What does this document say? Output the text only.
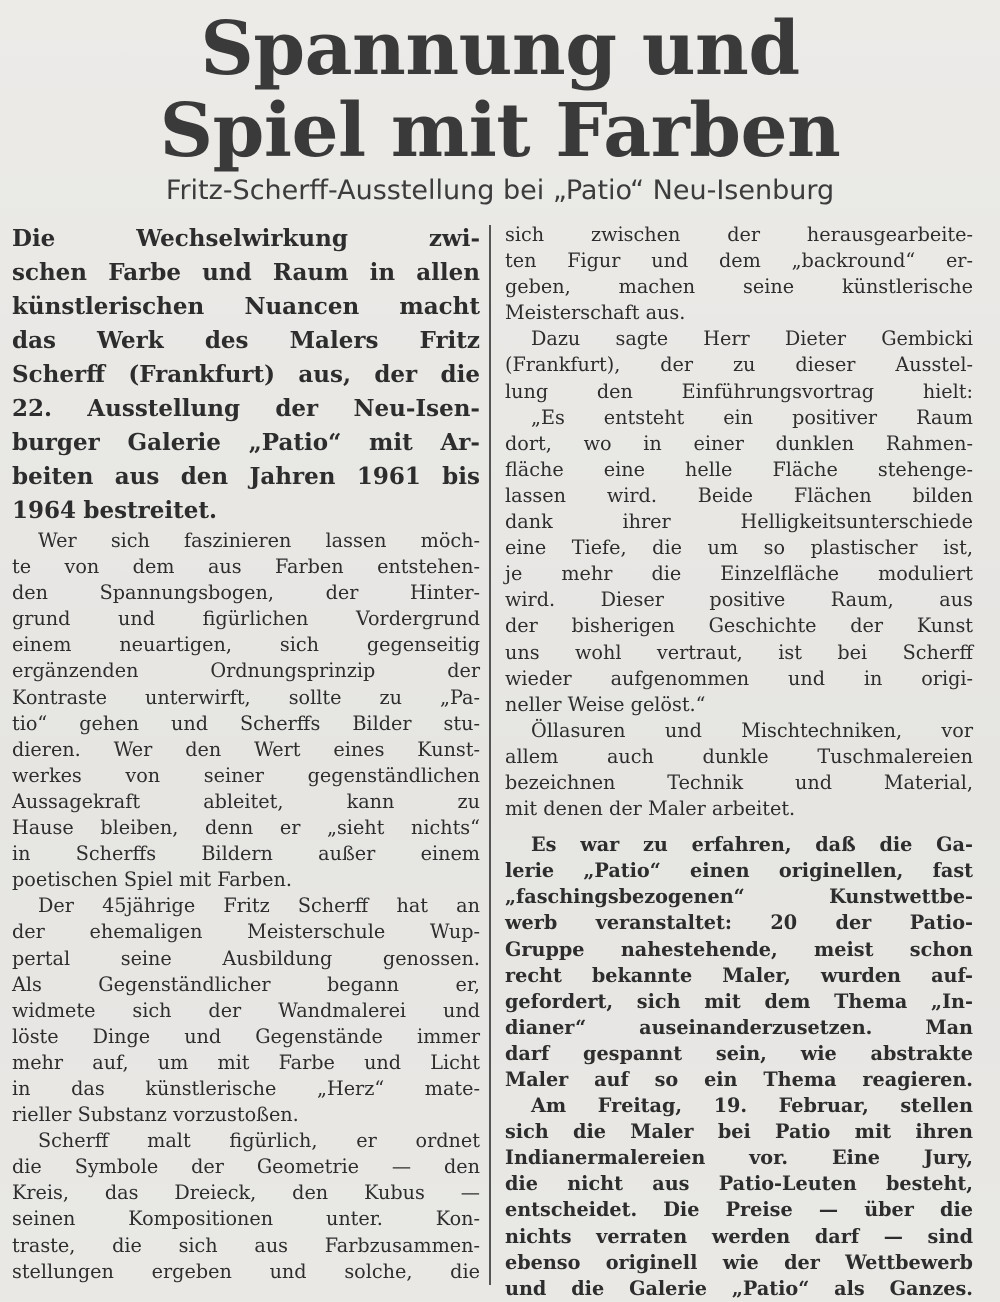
Spannung und
Spiel mit Farben
Fritz-Scherff-Ausstellung bei „Patio“ Neu-Isenburg
Die	Wechselwirkung	zwi-
schen Farbe und Raum in allen
künstlerischen Nuancen macht
das Werk des Malers Fritz
Scherff (Frankfurt) aus, der die
22. Ausstellung der Neu-Isen-
burger Galerie „Patio“ mit Ar-
beiten aus den Jahren 1961 bis
1964 bestreitet.
Wer sich faszinieren lassen möch-
te von dem aus Farben entstehen-
den	Spannungsbogen,	der	Hinter-
grund und figürlichen Vordergrund
einem neuartigen, sich gegenseitig
ergänzenden	Ordnungsprinzip	der
Kontraste unterwirft, sollte zu „Pa-
tio“ gehen und Scherffs Bilder stu-
dieren. Wer den Wert eines Kunst-
werkes von seiner gegenständlichen
Aussagekraft	ableitet,	kann	zu
Hause bleiben, denn er „sieht nichts“
in Scherffs Bildern außer einem
poetischen Spiel mit Farben.
Der 45jährige Fritz Scherff hat an
der ehemaligen Meisterschule Wup-
pertal	seine	Ausbildung	genossen.
Als	Gegenständlicher	begann	er,
widmete sich der Wandmalerei und
löste Dinge und Gegenstände immer
mehr auf, um mit Farbe und Licht
in das künstlerische „Herz“ mate-
rieller Substanz vorzustoßen.
Scherff malt figürlich, er ordnet
die Symbole der Geometrie — den
Kreis, das Dreieck, den Kubus —
seinen	Kompositionen	unter.	Kon-
traste, die sich aus Farbzusammen-
stellungen ergeben und solche, die
sich zwischen der herausgearbeite-
ten Figur und dem „backround“ er-
geben, machen seine künstlerische
Meisterschaft aus.
Dazu sagte Herr Dieter Gembicki
(Frankfurt), der zu dieser Ausstel-
lung	den	Einführungsvortrag	hielt:
„Es entsteht ein positiver Raum
dort, wo in einer dunklen Rahmen-
fläche eine helle Fläche stehenge-
lassen wird. Beide Flächen bilden
dank	ihrer	Helligkeitsunterschiede
eine Tiefe, die um so plastischer ist,
je mehr die Einzelfläche moduliert
wird. Dieser positive Raum, aus
der bisherigen Geschichte der Kunst
uns wohl vertraut, ist bei Scherff
wieder aufgenommen und in origi-
neller Weise gelöst.“
Öllasuren und Mischtechniken, vor
allem	auch	dunkle	Tuschmalereien
bezeichnen	Technik	und	Material,
mit denen der Maler arbeitet.
Es war zu erfahren, daß die Ga-
lerie „Patio“ einen originellen, fast
„faschingsbezogenen“	Kunstwettbe-
werb veranstaltet: 20 der Patio-
Gruppe nahestehende, meist schon
recht bekannte Maler, wurden auf-
gefordert, sich mit dem Thema „In-
dianer“	auseinanderzusetzen.	Man
darf gespannt sein, wie abstrakte
Maler auf so ein Thema reagieren.
Am Freitag, 19. Februar, stellen
sich die Maler bei Patio mit ihren
Indianermalereien vor. Eine Jury,
die nicht aus Patio-Leuten besteht,
entscheidet. Die Preise — über die
nichts verraten werden darf — sind
ebenso originell wie der Wettbewerb
und die Galerie „Patio“ als Ganzes.
